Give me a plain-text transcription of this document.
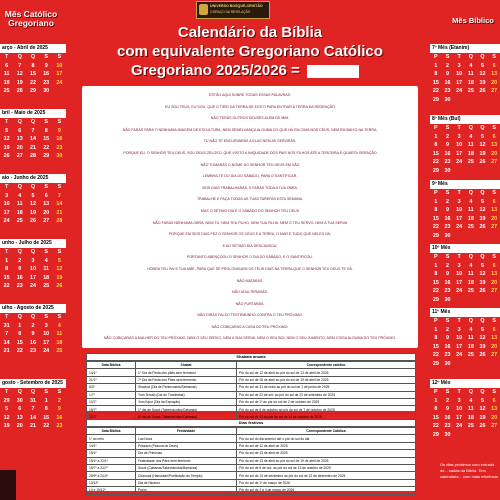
Mês Católico
Gregoriano	Mês Bíblico
UNIVERSO BOSQUE-CRISTÃO
O BRAÇO DA REVELAÇÃO
Calendário da Bíblia
com equivalente Gregoriano Católico
Gregoriano 2025/2026 =
arço - Abril de 2025
T	Q	Q	S	S
6	7	8	9	10
11	12	15	16	17
18	19	22	23	24
25	26	29	30
bril - Maio de 2025
T	Q	Q	S	S
5	6	7	8	9
12	13	14	15	16
19	20	21	22	23
26	27	28	29	30
aio - Junho de 2025
T	Q	Q	S	S
3	4	5	6	7
10	11	12	13	14
17	18	19	20	21
24	25	26	27	28
unho - Julho de 2025
T	Q	Q	S	S
1	2	3	4	5
8	9	10	11	12
15	16	17	18	19
22	23	24	25	26
ulho - Agosto de 2025
T	Q	Q	S	S
31	1	2	3	4
7	8	9	10	11
14	15	16	17	18
21	22	23	24	25
gosto - Setembro de 2025
T	Q	Q	S	S
29	30	31	1	2
5	6	7	8	9
12	13	14	15	16
19	20	21	22	23
7º Mês (Etanim)
P	S	T	Q	Q	S
1	2	3	4	5	6
8	9	10	11	12	13
15	16	17	18	19	20
22	23	24	25	26	27
29	30
8º Mês (Bul)
P	S	T	Q	Q	S
1	2	3	4	5	6
8	9	10	11	12	13
15	16	17	18	19	20
22	23	24	25	26	27
29	30
9º Mês
P	S	T	Q	Q	S
1	2	3	4	5	6
8	9	10	11	12	13
15	16	17	18	19	20
22	23	24	25	26	27
29	30
10º Mês
P	S	T	Q	Q	S
1	2	3	4	5	6
8	9	10	11	12	13
15	16	17	18	19	20
22	23	24	25	26	27
29	30
11º Mês
P	S	T	Q	Q	S
1	2	3	4	5	6
8	9	10	11	12	13
15	16	17	18	19	20
22	23	24	25	26	27
29	30
12º Mês
P	S	T	Q	Q	S
1	2	3	4	5	6
8	9	10	11	12	13
15	16	17	18	19	20
22	23	24	25	26	27
29	30
ESTÃO AQUI SOBRE TODAS ESSAS PALAVRAS.
EU SOU TEUS, EU SOU, QUE O TIREI DA TERRA DE EGITO PARA ENTRAR A TERRA DA REDENÇÃO
NÃO TERÁS OUTROS DEUSES ALÉM DE MIM.
NÃO FARÁS PARA TI NENHUMA IMAGEM DE ESCULTURA, NEM SEMELHANÇA ALGUMA DO QUE HÁ EM CIMA NOS CÉUS, NEM EM BAIXO NA TERRA.
TU NÃO TE ENCURVARÁS A ELAS NEM AS SERVIRÁS;
PORQUE EU, O SENHOR TEU DEUS, SOU DEUS ZELOSO, QUE VISITO A INIQUIDADE DOS PAIS NOS FILHOS ATÉ A TERCEIRA E QUARTA GERAÇÃO
NÃO TOMARÁS O NOME DO SENHOR TEU DEUS EM VÃO
LEMBRA-TE DO DIA DO SÁBADO, PARA O SANTIFICAR.
SEIS DIAS TRABALHARÁS, E FARÁS TODA A TUA OBRA.
TRABALHE E FAÇA TODAS AS TUAS TAREFAS ESTA SEMANA,
MAS O SÉTIMO DIA É O SÁBADO DO SENHOR TEU DEUS
NÃO FARÁS NENHUMA OBRA, NEM TU, NEM TEU FILHO, NEM TUA FILHA, NEM O TEU SERVO, NEM A TUA SERVA
PORQUE EM SEIS DIAS FEZ O SENHOR OS CÉUS E A TERRA, O MAR E TUDO QUE NELES HÁ,
E AO SÉTIMO DIA DESCANSOU;
PORTANTO ABENÇOOU O SENHOR O DIA DO SÁBADO, E O SANTIFICOU.
HONRA TEU PAI E TUA MÃE, PARA QUE SE PROLONGUEM OS TEUS DIAS NA TERRA QUE O SENHOR TEU DEUS TE DÁ.
NÃO MATARÁS.
NÃO ADULTERARÁS.
NÃO FURTARÁS.
NÃO DIRÁS FALSO TESTEMUNHO CONTRA O TEU PRÓXIMO.
NÃO COBIÇARÁS A CASA DO TEU PRÓXIMO.
NÃO COBIÇARÁS A MULHER DO TEU PRÓXIMO, NEM O SEU SERVO, NEM A SUA SERVA, NEM O SEU BOI, NEM O SEU JUMENTO, NEM COISA ALGUMA DO TEU PRÓXIMO.
Shabats anuais
Data Bíblica	Shabat	Correspondente católico
14/1º	1º Dia da Festa dos pães sem fermento	Pôr do sol de 12 de abril ao pôr do sol de 13 de abril de 2025
21/1º	7º Dia da Festa dos Pães sem fermento	Pôr do sol de 18 de abril ao pôr do sol de 19 de abril de 2025
6/3º	Shavuot (Dia de Pentecostes/Semanas)	Pôr do sol de 31 de maio ao pôr do sol de 1 de junho de 2025
1/7º	Yom Teruah (Dia de Trombetas)	Pôr do sol de 22 de set. ao pôr do sol de 23 de setembro de 2025
10/7º	Yom Kipur (Dia da Expiação)	Pôr do sol de 1º ao pôr do sol de 2 de outubro de 2025
15/7º	1º dia de Sucot (Tabernáculos/Cabanas)	Pôr do sol de 6 de outubro ao pôr do sol de 7 de outubro de 2025
22/7º	8º dia de Sucot (Tabernáculos/Cabanas)	Pôr do sol de 13 ao pôr do sol de 14 de outubro de 2025
Dias festivos
Data Bíblica	Festividade	Correspondente Católica
1º do mês	Lua Nova	Pôr do sol do dia anterior até o pôr do sol do dia
14/1º	Pessach (Páscoa do Deus)	Pôr do sol de 12 de abril de 2025
15/1º	Dia de Primícias	Pôr do sol de 13 de abril de 2025
15/1º a 21/1º	Festividade dos Pães sem fermento	Pôr do sol de 13 de abril ao pôr do sol de 19 de abril de 2025
15/7º a 21/7º	Sucot (Cabanas/Tabernáculos/Barracas)	Pôr do sol de 6 de out. ao pôr do sol de 13 de outubro de 2025
25/9º a 2/10º	Chanucá (Hanukkah/Purificação do Templo)	Pôr do sol de 14 de dezembro ao pôr do sol de 22 de dezembro de 2025
13/12º	Dia de Nicanor	Pôr do sol de 1º de março de 2026
14 e 15/12º	Purim	Pôr do sol de 2 a 4 de março de 2026
Os dias próximos com entrada de... sadas da Bíblia. Tem calendário... com mais eficiência
